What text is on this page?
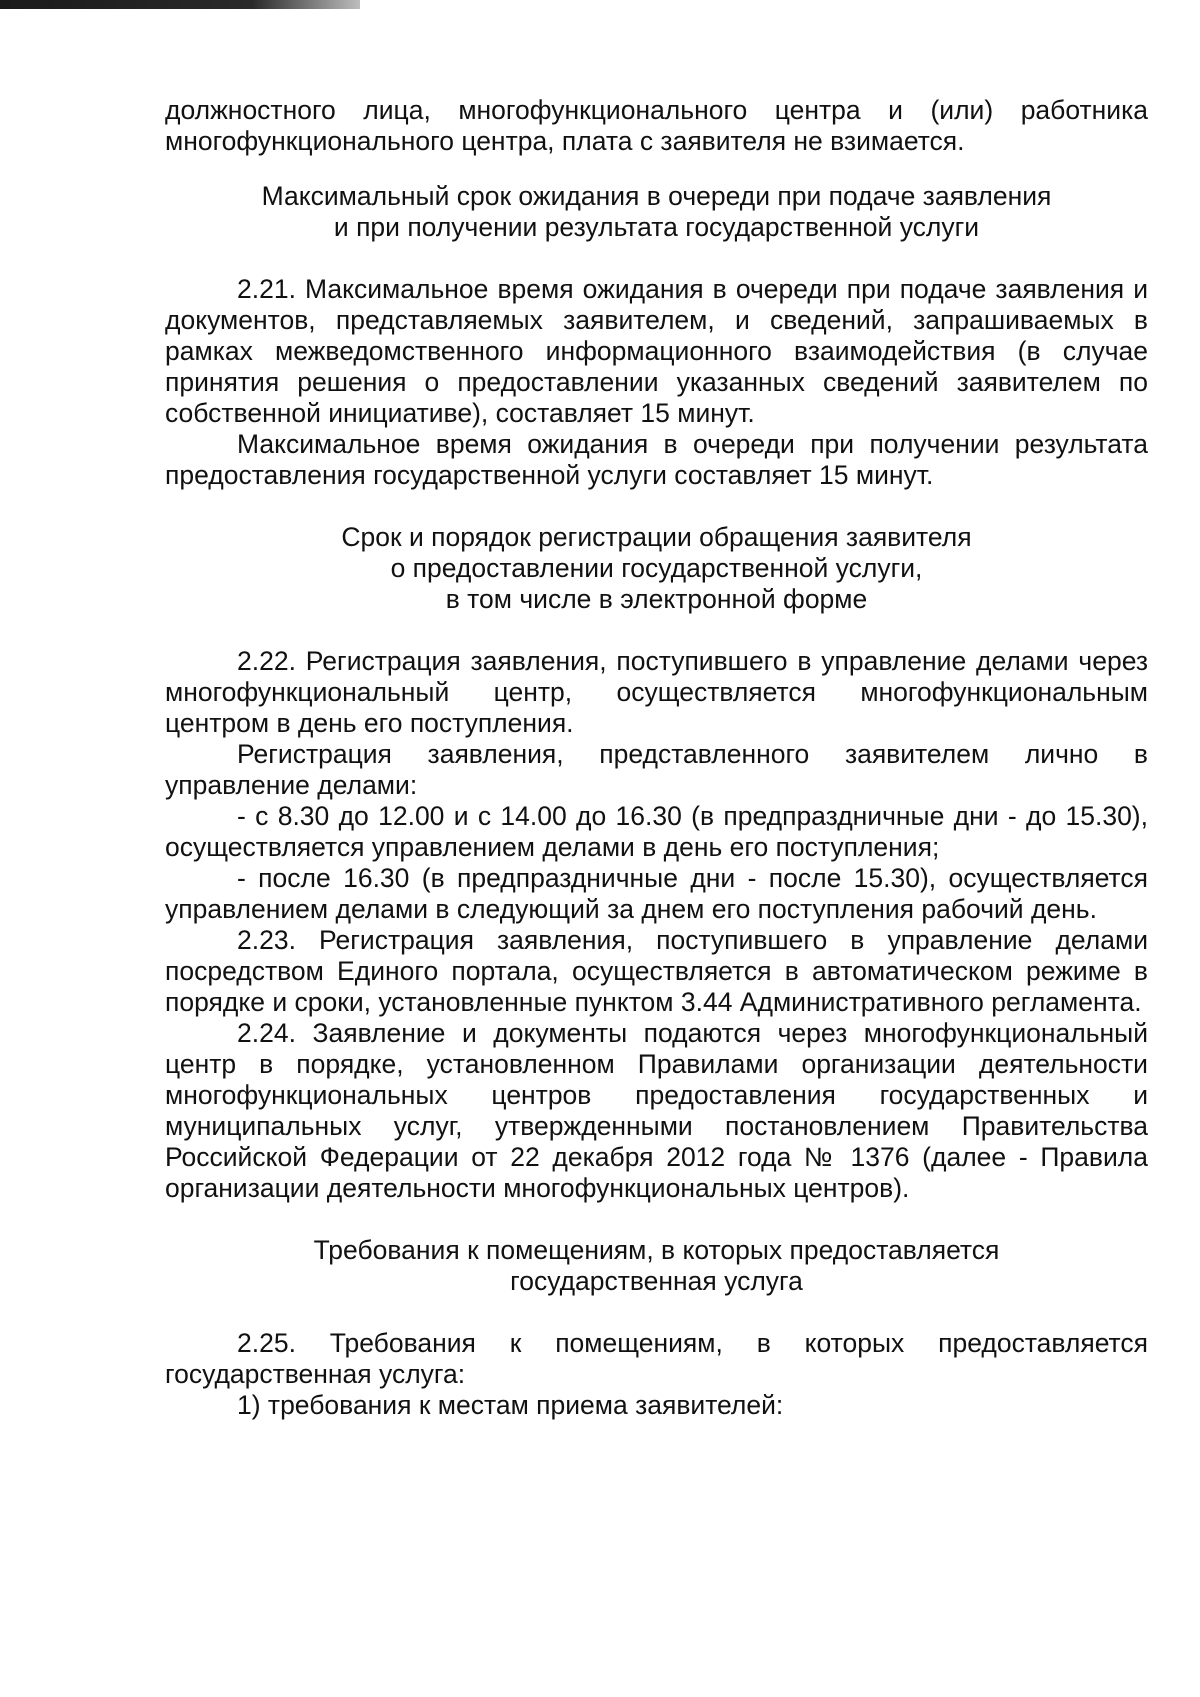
должностного лица, многофункционального центра и (или) работника многофункционального центра, плата с заявителя не взимается.

Максимальный срок ожидания в очереди при подаче заявления
и при получении результата государственной услуги

2.21. Максимальное время ожидания в очереди при подаче заявления и документов, представляемых заявителем, и сведений, запрашиваемых в рамках межведомственного информационного взаимодействия (в случае принятия решения о предоставлении указанных сведений заявителем по собственной инициативе), составляет 15 минут.

Максимальное время ожидания в очереди при получении результата предоставления государственной услуги составляет 15 минут.

Срок и порядок регистрации обращения заявителя
о предоставлении государственной услуги,
в том числе в электронной форме

2.22. Регистрация заявления, поступившего в управление делами через многофункциональный центр, осуществляется многофункциональным центром в день его поступления.

Регистрация заявления, представленного заявителем лично в управление делами:

- с 8.30 до 12.00 и с 14.00 до 16.30 (в предпраздничные дни - до 15.30), осуществляется управлением делами в день его поступления;

- после 16.30 (в предпраздничные дни - после 15.30), осуществляется управлением делами в следующий за днем его поступления рабочий день.

2.23. Регистрация заявления, поступившего в управление делами посредством Единого портала, осуществляется в автоматическом режиме в порядке и сроки, установленные пунктом 3.44 Административного регламента.

2.24. Заявление и документы подаются через многофункциональный центр в порядке, установленном Правилами организации деятельности многофункциональных центров предоставления государственных и муниципальных услуг, утвержденными постановлением Правительства Российской Федерации от 22 декабря 2012 года № 1376 (далее - Правила организации деятельности многофункциональных центров).

Требования к помещениям, в которых предоставляется
государственная услуга

2.25. Требования к помещениям, в которых предоставляется государственная услуга:

1) требования к местам приема заявителей:
